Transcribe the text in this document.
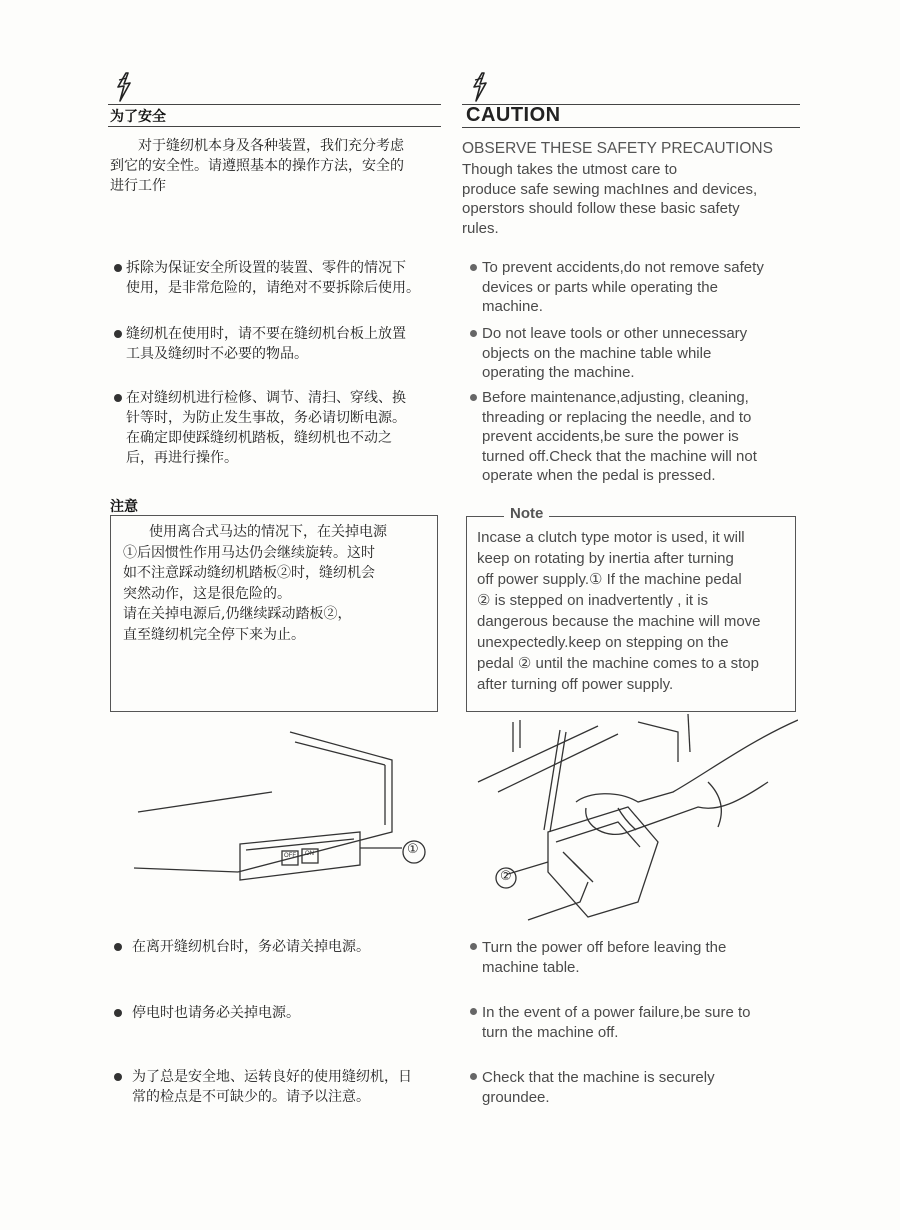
为了安全	CAUTION
对于缝纫机本身及各种装置，我们充分考虑
到它的安全性。请遵照基本的操作方法，安全的
进行工作
OBSERVE THESE SAFETY PRECAUTIONS
Though takes the utmost care to
produce safe sewing machInes and devices,
operstors should follow these basic safety
rules.
拆除为保证安全所设置的装置、零件的情况下
使用，是非常危险的，请绝对不要拆除后使用。
缝纫机在使用时，请不要在缝纫机台板上放置
工具及缝纫时不必要的物品。
在对缝纫机进行检修、调节、清扫、穿线、换
针等时，为防止发生事故，务必请切断电源。
在确定即使踩缝纫机踏板，缝纫机也不动之
后，再进行操作。
To prevent accidents,do not remove safety
devices or parts while operating the
machine.
Do not leave tools or other unnecessary
objects on the machine table while
operating the machine.
Before maintenance,adjusting, cleaning,
threading or replacing the needle, and to
prevent accidents,be sure the power is
turned off.Check that the machine will not
operate when the pedal is pressed.
注意
使用离合式马达的情况下，在关掉电源
①后因惯性作用马达仍会继续旋转。这时
如不注意踩动缝纫机踏板②时，缝纫机会
突然动作，这是很危险的。
请在关掉电源后,仍继续踩动踏板②，
直至缝纫机完全停下来为止。
Incase a clutch type motor is used, it will
keep on rotating by inertia after turning
off power supply.① If the machine pedal
② is stepped on inadvertently , it is
dangerous because the machine will move
unexpectedly.keep on stepping on the
pedal ② until the machine comes to a stop
after turning off power supply.
Note
OFF ON	①
②
在离开缝纫机台时，务必请关掉电源。
停电时也请务必关掉电源。
为了总是安全地、运转良好的使用缝纫机，日
常的检点是不可缺少的。请予以注意。
Turn the power off before leaving the
machine table.
In the event of a power failure,be sure to
turn the machine off.
Check that the machine is securely
groundee.
